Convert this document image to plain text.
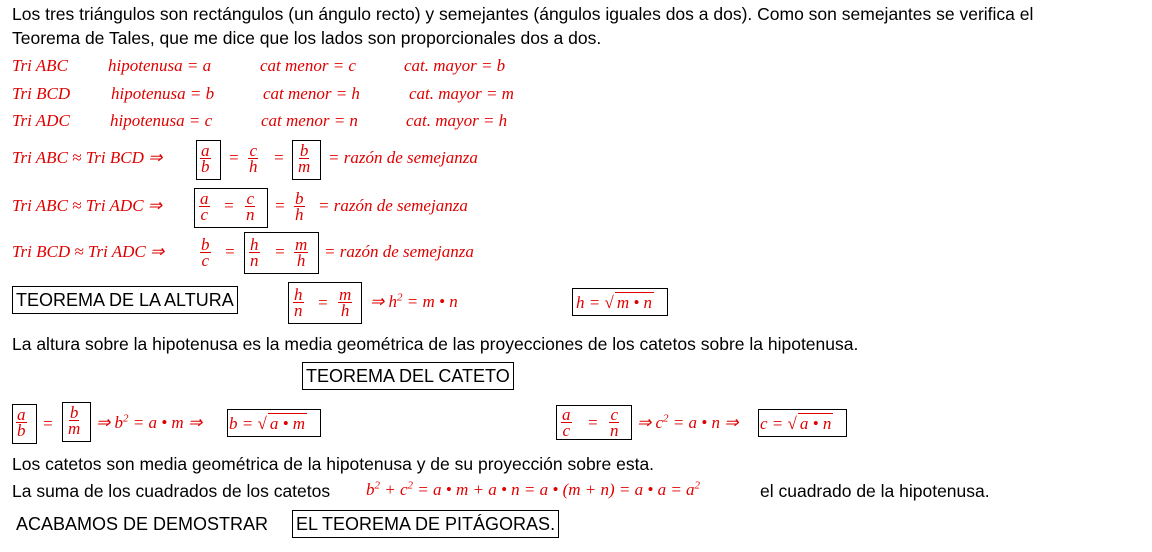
Los tres triángulos son rectángulos (un ángulo recto) y semejantes (ángulos iguales dos a dos). Como son semejantes se verifica el
Teorema de Tales, que me dice que los lados son proporcionales dos a dos.
Tri ABC hipotenusa = a	cat menor = c	cat. mayor = b
Tri BCD hipotenusa = b	cat menor = h	cat. mayor = m
Tri ADC hipotenusa = c	cat menor = n	cat. mayor = h
Tri ABC ≈ Tri BCD ⇒ $\frac{a}{b} = \frac{c}{h} = \frac{b}{m}$ = razón de semejanza
Tri ABC ≈ Tri ADC ⇒ $\frac{a}{c} = \frac{c}{n} = \frac{b}{h}$ = razón de semejanza
Tri BCD ≈ Tri ADC ⇒ $\frac{b}{c} = \frac{h}{n} = \frac{m}{h}$ = razón de semejanza
TEOREMA DE LA ALTURA	$\frac{h}{n} = \frac{m}{h}$ ⇒ $h^2 = m$ • n	h = √ m • n
La altura sobre la hipotenusa es la media geométrica de las proyecciones de los catetos sobre la hipotenusa.
TEOREMA DEL CATETO
$\frac{a}{b} = \frac{b}{m}$ ⇒ $b^2 = a$ • m ⇒ b = √ a • m	$\frac{a}{c} = \frac{c}{n}$ ⇒ $c^2 = a$ • n ⇒ c = √ a • n
Los catetos son media geométrica de la hipotenusa y de su proyección sobre esta.
La suma de los cuadrados de los catetos $b^2 + c^2 = a$ • m + a • n = a • (m + n) = a • $a = a^2$	el cuadrado de la hipotenusa.
ACABAMOS DE DEMOSTRAR EL TEOREMA DE PITÁGORAS.
